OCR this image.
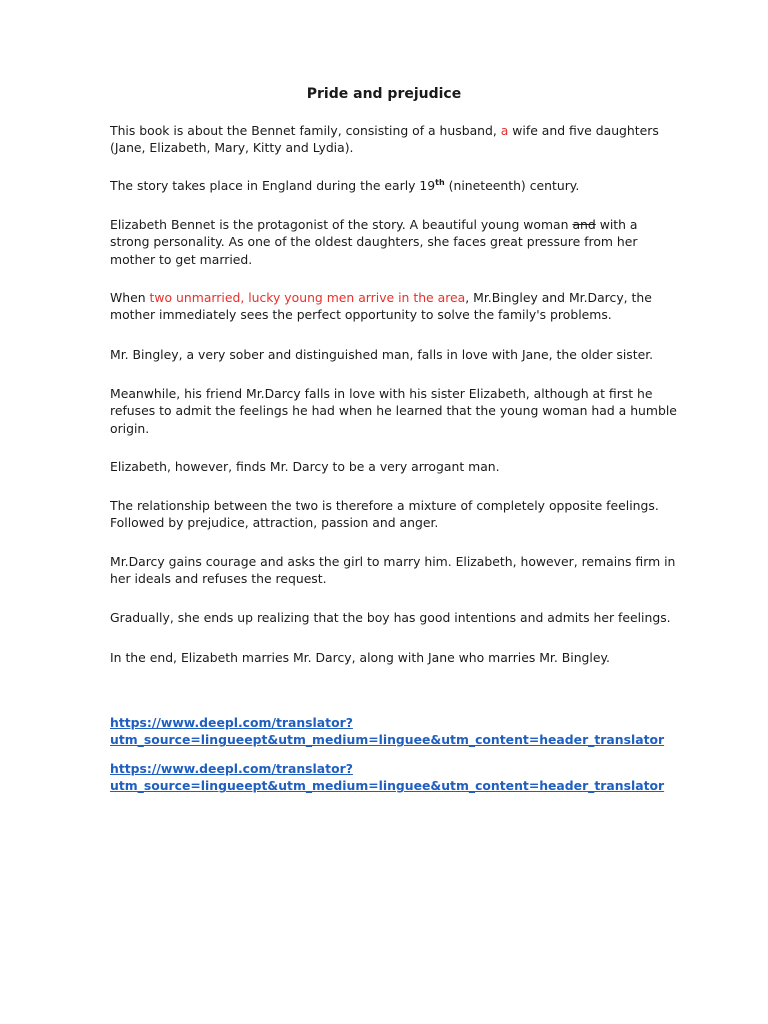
Pride and prejudice
This book is about the Bennet family, consisting of a husband, a wife and five daughters
(Jane, Elizabeth, Mary, Kitty and Lydia).
The story takes place in England during the early 19th (nineteenth) century.
Elizabeth Bennet is the protagonist of the story. A beautiful young woman and with a
strong personality. As one of the oldest daughters, she faces great pressure from her
mother to get married.
When two unmarried, lucky young men arrive in the area, Mr.Bingley and Mr.Darcy, the
mother immediately sees the perfect opportunity to solve the family's problems.
Mr. Bingley, a very sober and distinguished man, falls in love with Jane, the older sister.
Meanwhile, his friend Mr.Darcy falls in love with his sister Elizabeth, although at first he
refuses to admit the feelings he had when he learned that the young woman had a humble
origin.
Elizabeth, however, finds Mr. Darcy to be a very arrogant man.
The relationship between the two is therefore a mixture of completely opposite feelings.
Followed by prejudice, attraction, passion and anger.
Mr.Darcy gains courage and asks the girl to marry him. Elizabeth, however, remains firm in
her ideals and refuses the request.
Gradually, she ends up realizing that the boy has good intentions and admits her feelings.
In the end, Elizabeth marries Mr. Darcy, along with Jane who marries Mr. Bingley.
https://www.deepl.com/translator?
utm_source=lingueept&utm_medium=linguee&utm_content=header_translator
https://www.deepl.com/translator?
utm_source=lingueept&utm_medium=linguee&utm_content=header_translator
